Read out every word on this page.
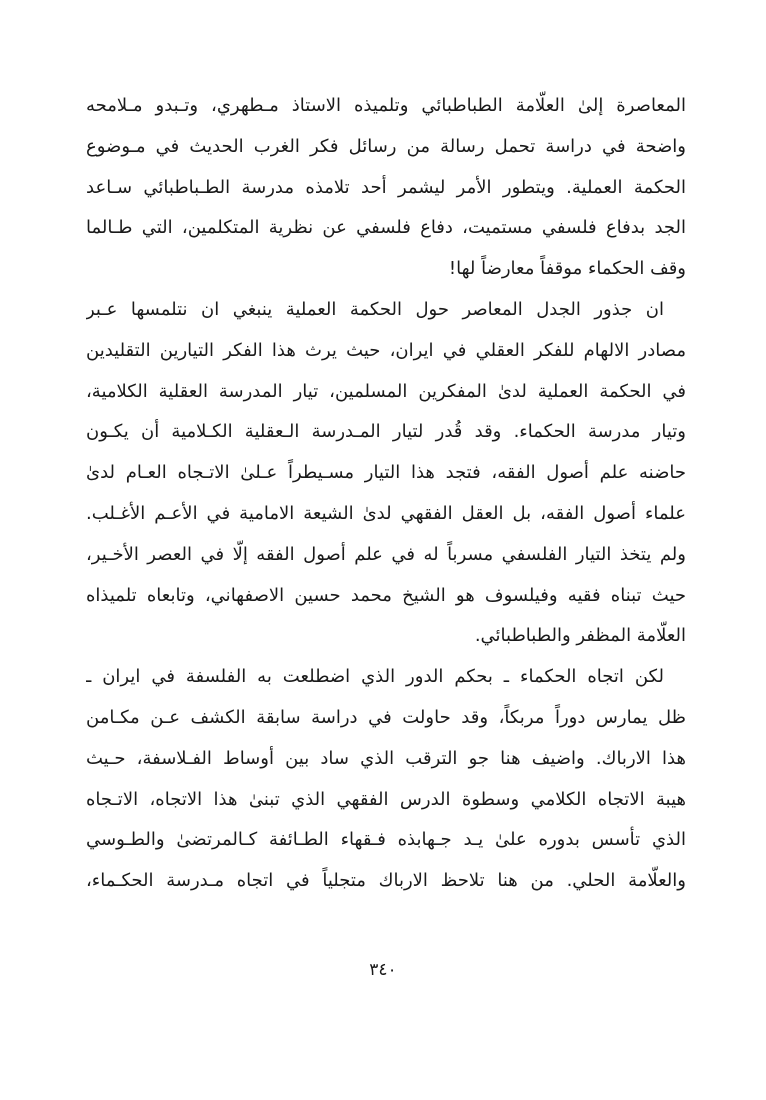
المعاصرة إلىٰ العلّامة الطباطبائي وتلميذه الاستاذ مـطهري، وتـبدو مـلامحه
واضحة في دراسة تحمل رسالة من رسائل فكر الغرب الحديث في مـوضوع
الحكمة العملية. ويتطور الأمر ليشمر أحد تلامذه مدرسة الطـباطبائي سـاعد
الجد بدفاع فلسفي مستميت، دفاع فلسفي عن نظرية المتكلمين، التي طـالما
وقف الحكماء موقفاً معارضاً لها!
ان جذور الجدل المعاصر حول الحكمة العملية ينبغي ان نتلمسها عـبر
مصادر الالهام للفكر العقلي في ايران، حيث يرث هذا الفكر التيارين التقليدين
في الحكمة العملية لدىٰ المفكرين المسلمين، تيار المدرسة العقلية الكلامية،
وتيار مدرسة الحكماء. وقد قُدر لتيار المـدرسة الـعقلية الكـلامية أن يكـون
حاضنه علم أصول الفقه، فتجد هذا التيار مسـيطراً عـلىٰ الاتـجاه العـام لدىٰ
علماء أصول الفقه، بل العقل الفقهي لدىٰ الشيعة الامامية في الأعـم الأغـلب.
ولم يتخذ التيار الفلسفي مسرباً له في علم أصول الفقه إلّا في العصر الأخـير،
حيث تبناه فقيه وفيلسوف هو الشيخ محمد حسين الاصفهاني، وتابعاه تلميذاه
العلّامة المظفر والطباطبائي.
لكن اتجاه الحكماء ـ بحكم الدور الذي اضطلعت به الفلسفة في ايران ـ
ظل يمارس دوراً مربكاً، وقد حاولت في دراسة سابقة الكشف عـن مكـامن
هذا الارباك. واضيف هنا جو الترقب الذي ساد بين أوساط الفـلاسفة، حـيث
هيبة الاتجاه الكلامي وسطوة الدرس الفقهي الذي تبنىٰ هذا الاتجاه، الاتـجاه
الذي تأسس بدوره علىٰ يـد جـهابذه فـقهاء الطـائفة كـالمرتضىٰ والطـوسي
والعلّامة الحلي. من هنا تلاحظ الارباك متجلياً في اتجاه مـدرسة الحكـماء،
٣٤٠
